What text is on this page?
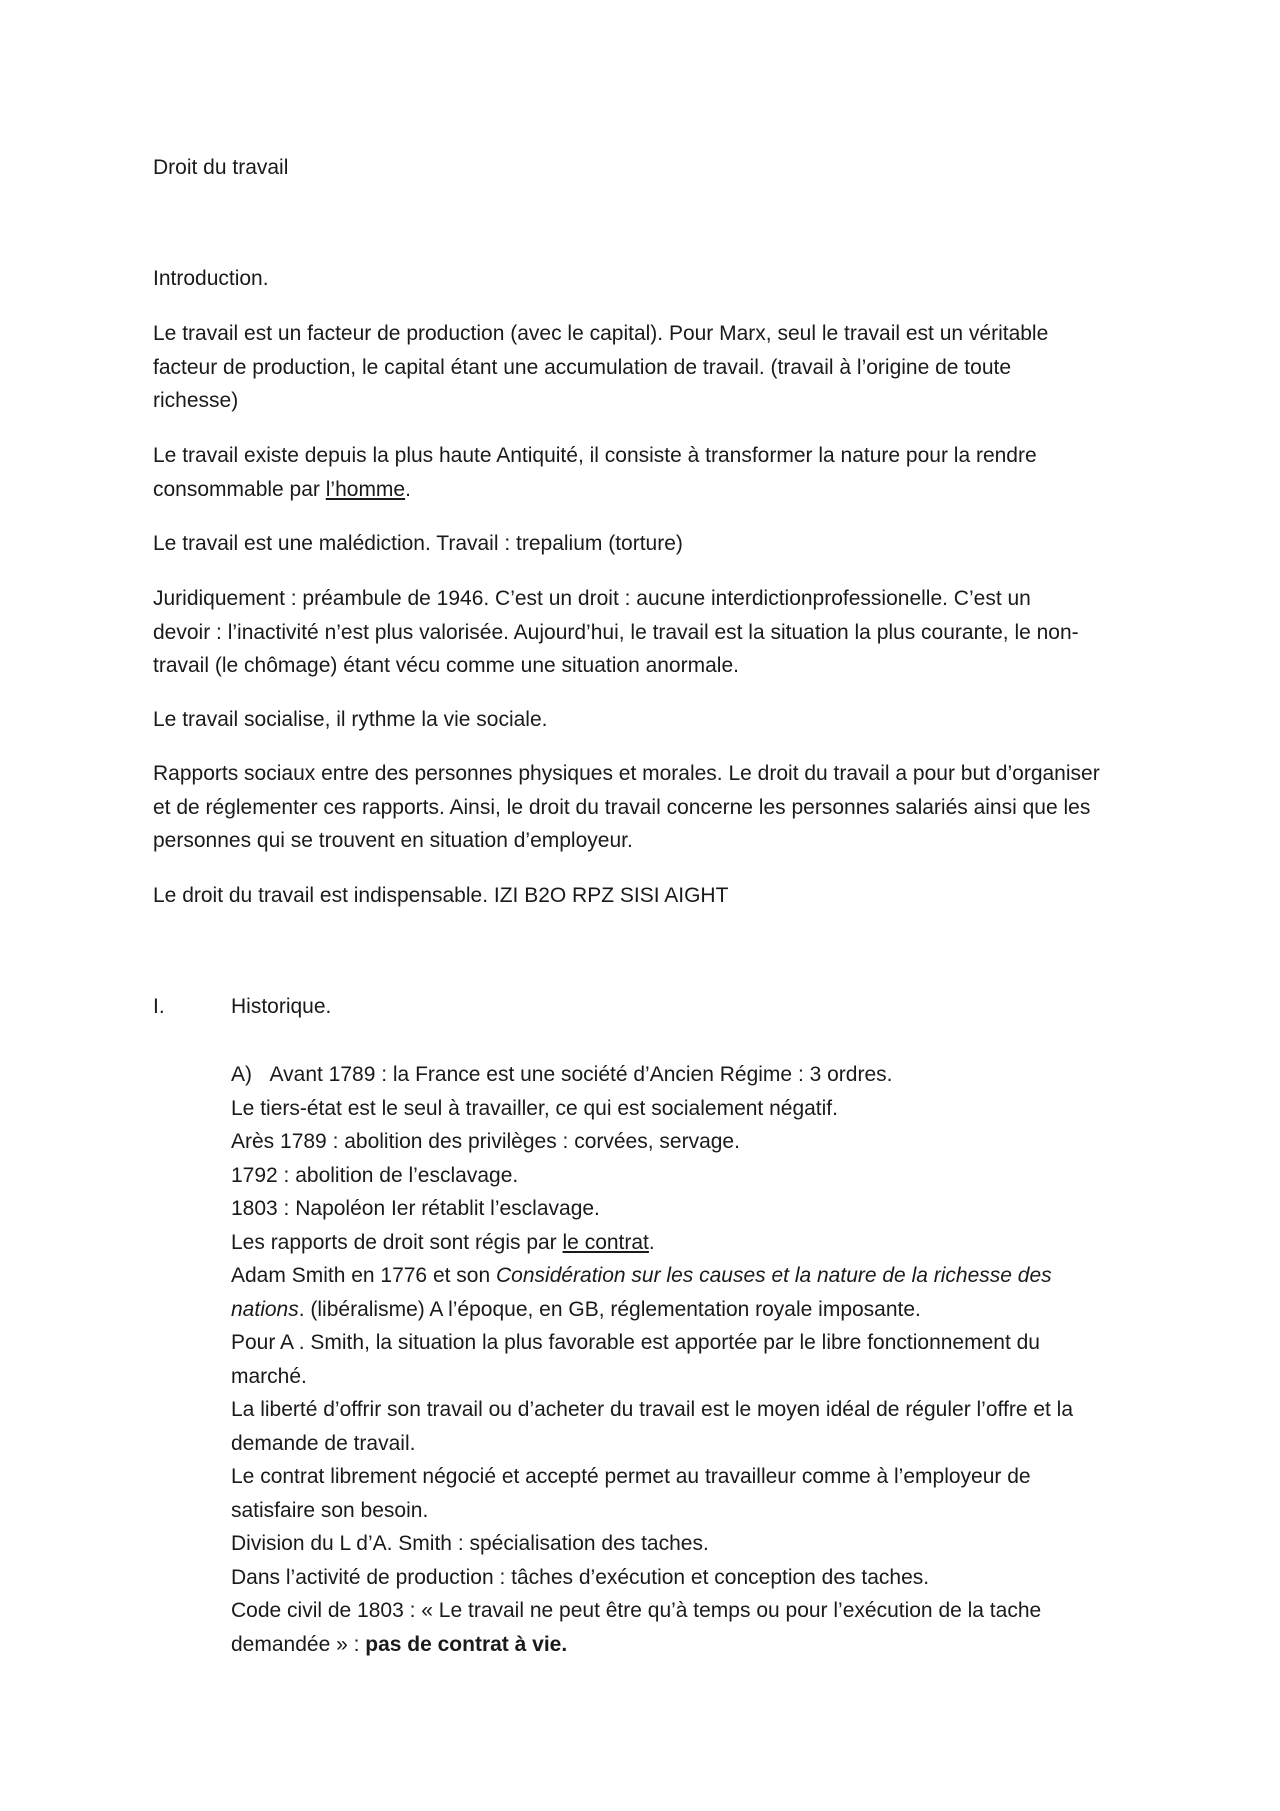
Droit du travail

Introduction.

Le travail est un facteur de production (avec le capital). Pour Marx, seul le travail est un véritable
facteur de production, le capital étant une accumulation de travail. (travail à l’origine de toute
richesse)

Le travail existe depuis la plus haute Antiquité, il consiste à transformer la nature pour la rendre
consommable par l’homme.

Le travail est une malédiction. Travail : trepalium (torture)

Juridiquement : préambule de 1946. C’est un droit : aucune interdictionprofessionelle. C’est un
devoir : l’inactivité n’est plus valorisée. Aujourd’hui, le travail est la situation la plus courante, le non-
travail (le chômage) étant vécu comme une situation anormale.

Le travail socialise, il rythme la vie sociale.

Rapports sociaux entre des personnes physiques et morales. Le droit du travail a pour but d’organiser
et de réglementer ces rapports. Ainsi, le droit du travail concerne les personnes salariés ainsi que les
personnes qui se trouvent en situation d’employeur.

Le droit du travail est indispensable. IZI B2O RPZ SISI AIGHT

I.	Historique.

A) Avant 1789 : la France est une société d’Ancien Régime : 3 ordres.
Le tiers-état est le seul à travailler, ce qui est socialement négatif.
Arès 1789 : abolition des privilèges : corvées, servage.
1792 : abolition de l’esclavage.
1803 : Napoléon Ier rétablit l’esclavage.
Les rapports de droit sont régis par le contrat.
Adam Smith en 1776 et son Considération sur les causes et la nature de la richesse des
nations. (libéralisme) A l’époque, en GB, réglementation royale imposante.
Pour A . Smith, la situation la plus favorable est apportée par le libre fonctionnement du
marché.
La liberté d’offrir son travail ou d’acheter du travail est le moyen idéal de réguler l’offre et la
demande de travail.
Le contrat librement négocié et accepté permet au travailleur comme à l’employeur de
satisfaire son besoin.
Division du L d’A. Smith : spécialisation des taches.
Dans l’activité de production : tâches d’exécution et conception des taches.
Code civil de 1803 : « Le travail ne peut être qu’à temps ou pour l’exécution de la tache
demandée » : pas de contrat à vie.
